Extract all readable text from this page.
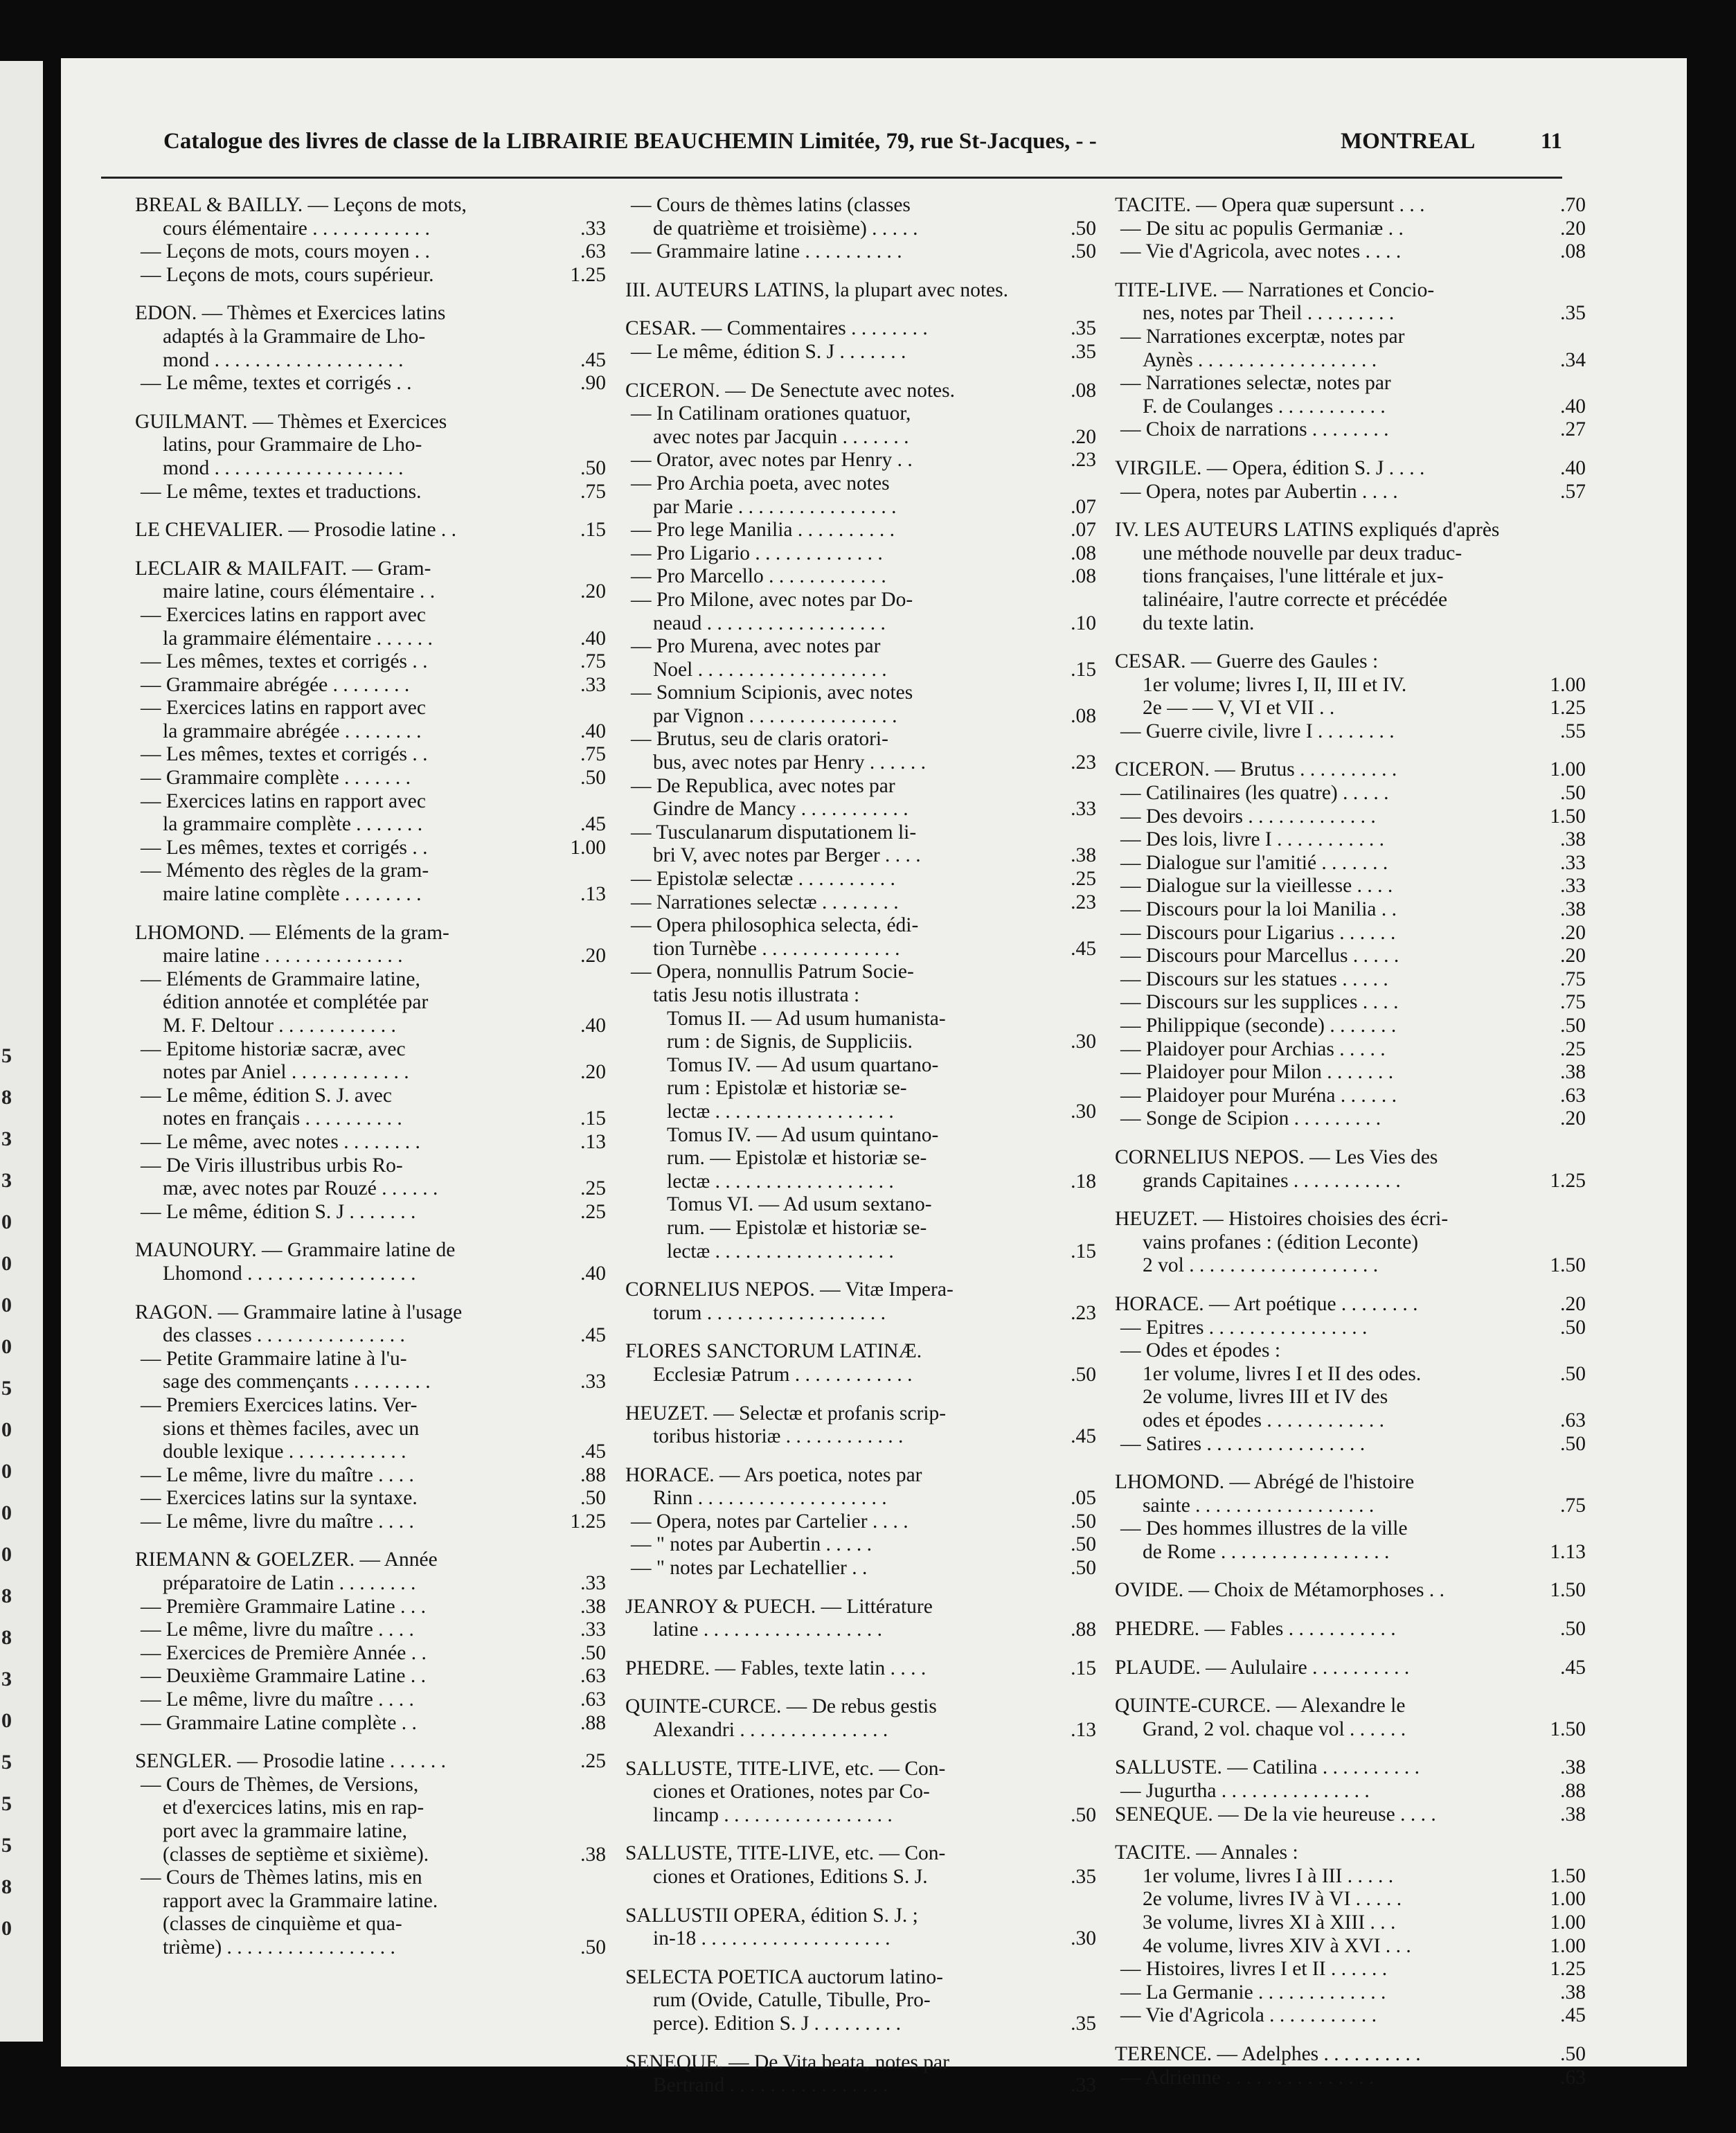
5
8
3
3
0
0
0
0
5
0
0
0
0
8
8
3
0
5
5
5
8
0
Catalogue des livres de classe de la LIBRAIRIE BEAUCHEMIN Limitée, 79, rue St-Jacques, - -	MONTREAL	11
BREAL & BAILLY. — Leçons de mots,
cours élémentaire . . . . . . . . . . . .	.33
— Leçons de mots, cours moyen . .	.63
— Leçons de mots, cours supérieur.	1.25
EDON. — Thèmes et Exercices latins
adaptés à la Grammaire de Lho-
mond . . . . . . . . . . . . . . . . . . .	.45
— Le même, textes et corrigés . .	.90
GUILMANT. — Thèmes et Exercices
latins, pour Grammaire de Lho-
mond . . . . . . . . . . . . . . . . . . .	.50
— Le même, textes et traductions.	.75
LE CHEVALIER. — Prosodie latine . .	.15
LECLAIR & MAILFAIT. — Gram-
maire latine, cours élémentaire . .	.20
— Exercices latins en rapport avec
la grammaire élémentaire . . . . . .	.40
— Les mêmes, textes et corrigés . .	.75
— Grammaire abrégée . . . . . . . .	.33
— Exercices latins en rapport avec
la grammaire abrégée . . . . . . . .	.40
— Les mêmes, textes et corrigés . .	.75
— Grammaire complète . . . . . . .	.50
— Exercices latins en rapport avec
la grammaire complète . . . . . . .	.45
— Les mêmes, textes et corrigés . .	1.00
— Mémento des règles de la gram-
maire latine complète . . . . . . . .	.13
LHOMOND. — Eléments de la gram-
maire latine . . . . . . . . . . . . . .	.20
— Eléments de Grammaire latine,
édition annotée et complétée par
M. F. Deltour . . . . . . . . . . . .	.40
— Epitome historiæ sacræ, avec
notes par Aniel . . . . . . . . . . . .	.20
— Le même, édition S. J. avec
notes en français . . . . . . . . . .	.15
— Le même, avec notes . . . . . . . .	.13
— De Viris illustribus urbis Ro-
mæ, avec notes par Rouzé . . . . . .	.25
— Le même, édition S. J . . . . . . .	.25
MAUNOURY. — Grammaire latine de
Lhomond . . . . . . . . . . . . . . . . .	.40
RAGON. — Grammaire latine à l'usage
des classes . . . . . . . . . . . . . . .	.45
— Petite Grammaire latine à l'u-
sage des commençants . . . . . . . .	.33
— Premiers Exercices latins. Ver-
sions et thèmes faciles, avec un
double lexique . . . . . . . . . . . .	.45
— Le même, livre du maître . . . .	.88
— Exercices latins sur la syntaxe.	.50
— Le même, livre du maître . . . .	1.25
RIEMANN & GOELZER. — Année
préparatoire de Latin . . . . . . . .	.33
— Première Grammaire Latine . . .	.38
— Le même, livre du maître . . . .	.33
— Exercices de Première Année . .	.50
— Deuxième Grammaire Latine . .	.63
— Le même, livre du maître . . . .	.63
— Grammaire Latine complète . .	.88
SENGLER. — Prosodie latine . . . . . .	.25
— Cours de Thèmes, de Versions,
et d'exercices latins, mis en rap-
port avec la grammaire latine,
(classes de septième et sixième).	.38
— Cours de Thèmes latins, mis en
rapport avec la Grammaire latine.
(classes de cinquième et qua-
trième) . . . . . . . . . . . . . . . . .	.50
— Cours de thèmes latins (classes
de quatrième et troisième) . . . . .	.50
— Grammaire latine . . . . . . . . . .	.50
III. AUTEURS LATINS, la plupart avec notes.
CESAR. — Commentaires . . . . . . . .	.35
— Le même, édition S. J . . . . . . .	.35
CICERON. — De Senectute avec notes.	.08
— In Catilinam orationes quatuor,
avec notes par Jacquin . . . . . . .	.20
— Orator, avec notes par Henry . .	.23
— Pro Archia poeta, avec notes
par Marie . . . . . . . . . . . . . . . .	.07
— Pro lege Manilia . . . . . . . . . .	.07
— Pro Ligario . . . . . . . . . . . . .	.08
— Pro Marcello . . . . . . . . . . . .	.08
— Pro Milone, avec notes par Do-
neaud . . . . . . . . . . . . . . . . . .	.10
— Pro Murena, avec notes par
Noel . . . . . . . . . . . . . . . . . . .	.15
— Somnium Scipionis, avec notes
par Vignon . . . . . . . . . . . . . . .	.08
— Brutus, seu de claris oratori-
bus, avec notes par Henry . . . . . .	.23
— De Republica, avec notes par
Gindre de Mancy . . . . . . . . . . .	.33
— Tusculanarum disputationem li-
bri V, avec notes par Berger . . . .	.38
— Epistolæ selectæ . . . . . . . . . .	.25
— Narrationes selectæ . . . . . . . .	.23
— Opera philosophica selecta, édi-
tion Turnèbe . . . . . . . . . . . . . .	.45
— Opera, nonnullis Patrum Socie-
tatis Jesu notis illustrata :
Tomus II. — Ad usum humanista-
rum : de Signis, de Suppliciis.	.30
Tomus IV. — Ad usum quartano-
rum : Epistolæ et historiæ se-
lectæ . . . . . . . . . . . . . . . . . .	.30
Tomus IV. — Ad usum quintano-
rum. — Epistolæ et historiæ se-
lectæ . . . . . . . . . . . . . . . . . .	.18
Tomus VI. — Ad usum sextano-
rum. — Epistolæ et historiæ se-
lectæ . . . . . . . . . . . . . . . . . .	.15
CORNELIUS NEPOS. — Vitæ Impera-
torum . . . . . . . . . . . . . . . . . .	.23
FLORES SANCTORUM LATINÆ.
Ecclesiæ Patrum . . . . . . . . . . . .	.50
HEUZET. — Selectæ et profanis scrip-
toribus historiæ . . . . . . . . . . . .	.45
HORACE. — Ars poetica, notes par
Rinn . . . . . . . . . . . . . . . . . . .	.05
— Opera, notes par Cartelier . . . .	.50
— " notes par Aubertin . . . . .	.50
— " notes par Lechatellier . .	.50
JEANROY & PUECH. — Littérature
latine . . . . . . . . . . . . . . . . . .	.88
PHEDRE. — Fables, texte latin . . . .	.15
QUINTE-CURCE. — De rebus gestis
Alexandri . . . . . . . . . . . . . . .	.13
SALLUSTE, TITE-LIVE, etc. — Con-
ciones et Orationes, notes par Co-
lincamp . . . . . . . . . . . . . . . . .	.50
SALLUSTE, TITE-LIVE, etc. — Con-
ciones et Orationes, Editions S. J.	.35
SALLUSTII OPERA, édition S. J. ;
in-18 . . . . . . . . . . . . . . . . . . .	.30
SELECTA POETICA auctorum latino-
rum (Ovide, Catulle, Tibulle, Pro-
perce). Edition S. J . . . . . . . . .	.35
SENEQUE. — De Vita beata, notes par
Bertrand . . . . . . . . . . . . . . . .	.33
TACITE. — Opera quæ supersunt . . .	.70
— De situ ac populis Germaniæ . .	.20
— Vie d'Agricola, avec notes . . . .	.08
TITE-LIVE. — Narrationes et Concio-
nes, notes par Theil . . . . . . . . .	.35
— Narrationes excerptæ, notes par
Aynès . . . . . . . . . . . . . . . . . .	.34
— Narrationes selectæ, notes par
F. de Coulanges . . . . . . . . . . .	.40
— Choix de narrations . . . . . . . .	.27
VIRGILE. — Opera, édition S. J . . . .	.40
— Opera, notes par Aubertin . . . .	.57
IV. LES AUTEURS LATINS expliqués d'après
une méthode nouvelle par deux traduc-
tions françaises, l'une littérale et jux-
talinéaire, l'autre correcte et précédée
du texte latin.
CESAR. — Guerre des Gaules :
1er volume; livres I, II, III et IV.	1.00
2e — — V, VI et VII . .	1.25
— Guerre civile, livre I . . . . . . . .	.55
CICERON. — Brutus . . . . . . . . . .	1.00
— Catilinaires (les quatre) . . . . .	.50
— Des devoirs . . . . . . . . . . . . .	1.50
— Des lois, livre I . . . . . . . . . . .	.38
— Dialogue sur l'amitié . . . . . . .	.33
— Dialogue sur la vieillesse . . . .	.33
— Discours pour la loi Manilia . .	.38
— Discours pour Ligarius . . . . . .	.20
— Discours pour Marcellus . . . . .	.20
— Discours sur les statues . . . . .	.75
— Discours sur les supplices . . . .	.75
— Philippique (seconde) . . . . . . .	.50
— Plaidoyer pour Archias . . . . .	.25
— Plaidoyer pour Milon . . . . . . .	.38
— Plaidoyer pour Muréna . . . . . .	.63
— Songe de Scipion . . . . . . . . .	.20
CORNELIUS NEPOS. — Les Vies des
grands Capitaines . . . . . . . . . . .	1.25
HEUZET. — Histoires choisies des écri-
vains profanes : (édition Leconte)
2 vol . . . . . . . . . . . . . . . . . . .	1.50
HORACE. — Art poétique . . . . . . . .	.20
— Epitres . . . . . . . . . . . . . . . .	.50
— Odes et épodes :
1er volume, livres I et II des odes.	.50
2e volume, livres III et IV des
odes et épodes . . . . . . . . . . . .	.63
— Satires . . . . . . . . . . . . . . . .	.50
LHOMOND. — Abrégé de l'histoire
sainte . . . . . . . . . . . . . . . . . .	.75
— Des hommes illustres de la ville
de Rome . . . . . . . . . . . . . . . . .	1.13
OVIDE. — Choix de Métamorphoses . .	1.50
PHEDRE. — Fables . . . . . . . . . . .	.50
PLAUDE. — Aululaire . . . . . . . . . .	.45
QUINTE-CURCE. — Alexandre le
Grand, 2 vol. chaque vol . . . . . .	1.50
SALLUSTE. — Catilina . . . . . . . . . .	.38
— Jugurtha . . . . . . . . . . . . . . .	.88
SENEQUE. — De la vie heureuse . . . .	.38
TACITE. — Annales :
1er volume, livres I à III . . . . .	1.50
2e volume, livres IV à VI . . . . .	1.00
3e volume, livres XI à XIII . . .	1.00
4e volume, livres XIV à XVI . . .	1.00
— Histoires, livres I et II . . . . . .	1.25
— La Germanie . . . . . . . . . . . . .	.38
— Vie d'Agricola . . . . . . . . . . .	.45
TERENCE. — Adelphes . . . . . . . . . .	.50
— Adrienne . . . . . . . . . . . . . . .	.63
